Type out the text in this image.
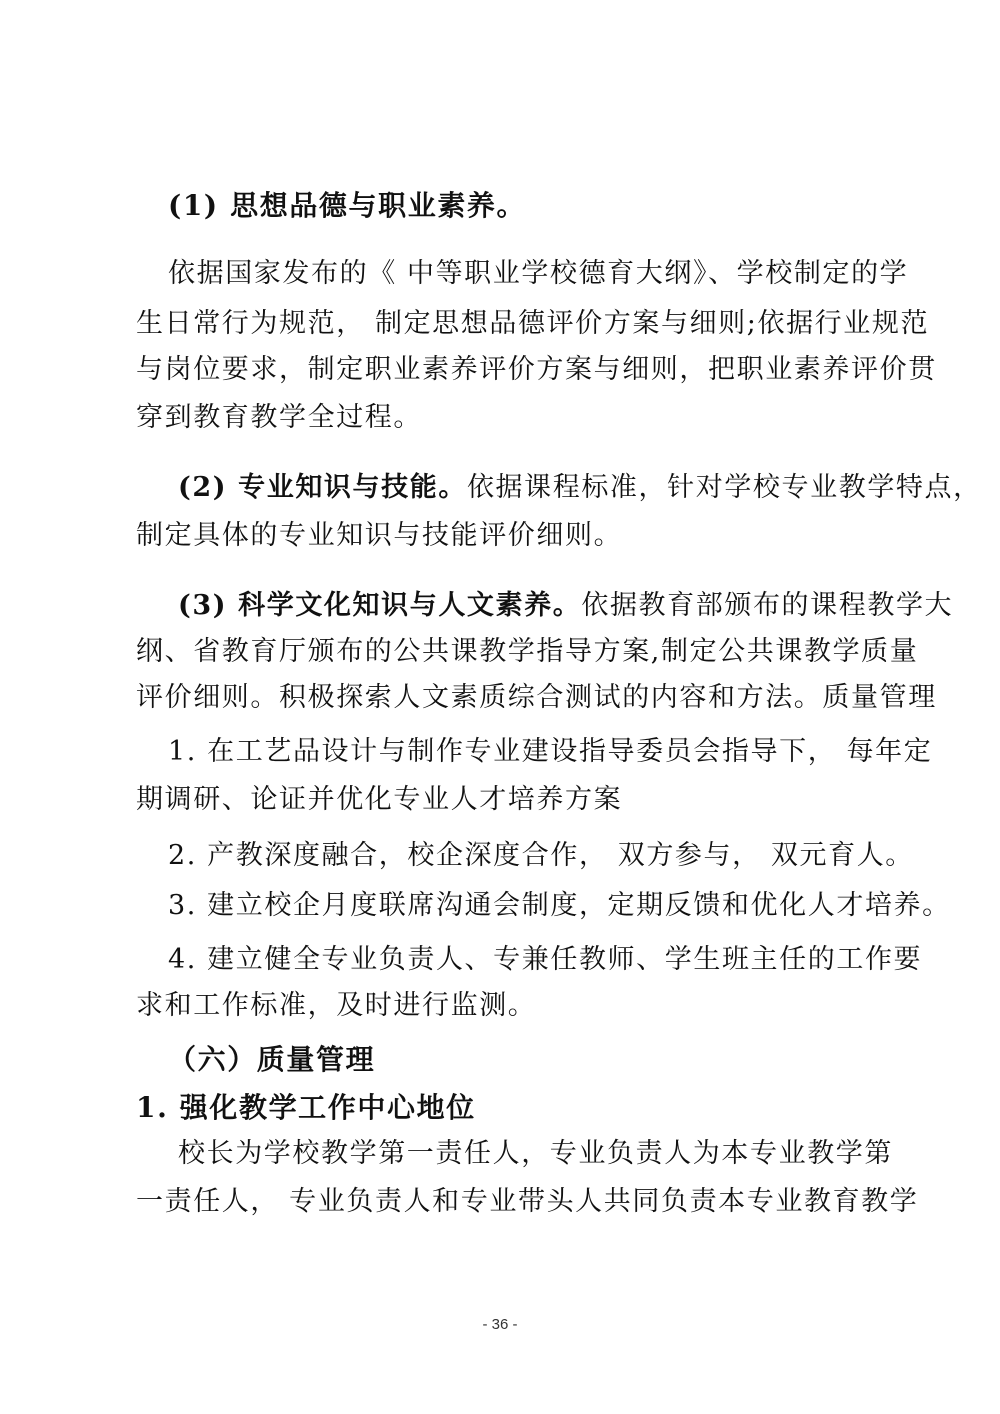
(1) 思想品德与职业素养。
依据国家发布的《 中等职业学校德育大纲》、学校制定的学
生日常行为规范， 制定思想品德评价方案与细则;依据行业规范
与岗位要求，制定职业素养评价方案与细则，把职业素养评价贯
穿到教育教学全过程。
(2) 专业知识与技能。依据课程标准，针对学校专业教学特点，
制定具体的专业知识与技能评价细则。
(3) 科学文化知识与人文素养。依据教育部颁布的课程教学大
纲、省教育厅颁布的公共课教学指导方案,制定公共课教学质量
评价细则。积极探索人文素质综合测试的内容和方法。质量管理
1. 在工艺品设计与制作专业建设指导委员会指导下， 每年定
期调研、论证并优化专业人才培养方案
2. 产教深度融合，校企深度合作， 双方参与， 双元育人。
3. 建立校企月度联席沟通会制度，定期反馈和优化人才培养。
4. 建立健全专业负责人、专兼任教师、学生班主任的工作要
求和工作标准，及时进行监测。
（六）质量管理
1. 强化教学工作中心地位
校长为学校教学第一责任人，专业负责人为本专业教学第
一责任人， 专业负责人和专业带头人共同负责本专业教育教学
- 36 -
